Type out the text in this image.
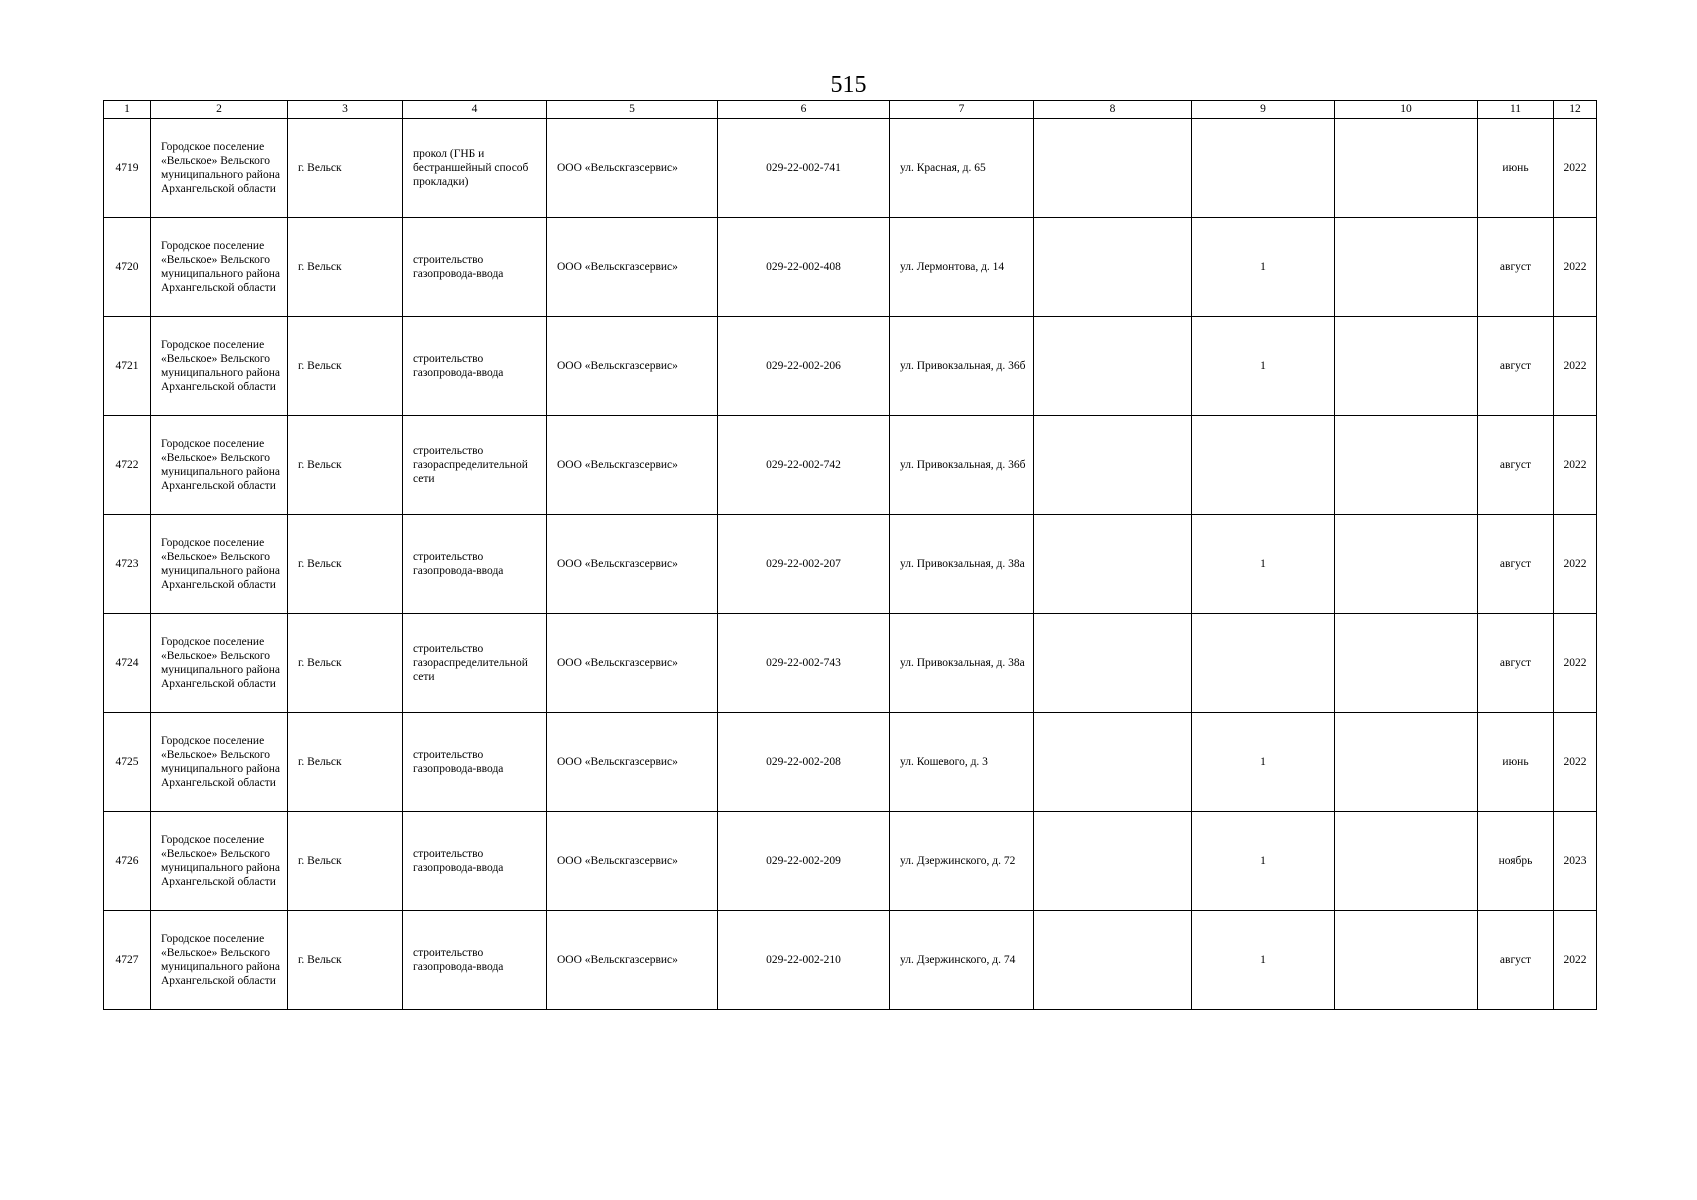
515
1	2	3	4	5	6	7	8	9	10	11	12
4719	Городское поселение «Вельское» Вельского муниципального района Архангельской области	г. Вельск	прокол (ГНБ и бестраншейный способ прокладки)	ООО «Вельскгазсервис»	029-22-002-741	ул. Красная, д. 65				июнь	2022
4720	Городское поселение «Вельское» Вельского муниципального района Архангельской области	г. Вельск	строительство газопровода-ввода	ООО «Вельскгазсервис»	029-22-002-408	ул. Лермонтова, д. 14		1		август	2022
4721	Городское поселение «Вельское» Вельского муниципального района Архангельской области	г. Вельск	строительство газопровода-ввода	ООО «Вельскгазсервис»	029-22-002-206	ул. Привокзальная, д. 36б		1		август	2022
4722	Городское поселение «Вельское» Вельского муниципального района Архангельской области	г. Вельск	строительство газораспределительной сети	ООО «Вельскгазсервис»	029-22-002-742	ул. Привокзальная, д. 36б				август	2022
4723	Городское поселение «Вельское» Вельского муниципального района Архангельской области	г. Вельск	строительство газопровода-ввода	ООО «Вельскгазсервис»	029-22-002-207	ул. Привокзальная, д. 38а		1		август	2022
4724	Городское поселение «Вельское» Вельского муниципального района Архангельской области	г. Вельск	строительство газораспределительной сети	ООО «Вельскгазсервис»	029-22-002-743	ул. Привокзальная, д. 38а				август	2022
4725	Городское поселение «Вельское» Вельского муниципального района Архангельской области	г. Вельск	строительство газопровода-ввода	ООО «Вельскгазсервис»	029-22-002-208	ул. Кошевого, д. 3		1		июнь	2022
4726	Городское поселение «Вельское» Вельского муниципального района Архангельской области	г. Вельск	строительство газопровода-ввода	ООО «Вельскгазсервис»	029-22-002-209	ул. Дзержинского, д. 72		1		ноябрь	2023
4727	Городское поселение «Вельское» Вельского муниципального района Архангельской области	г. Вельск	строительство газопровода-ввода	ООО «Вельскгазсервис»	029-22-002-210	ул. Дзержинского, д. 74		1		август	2022
